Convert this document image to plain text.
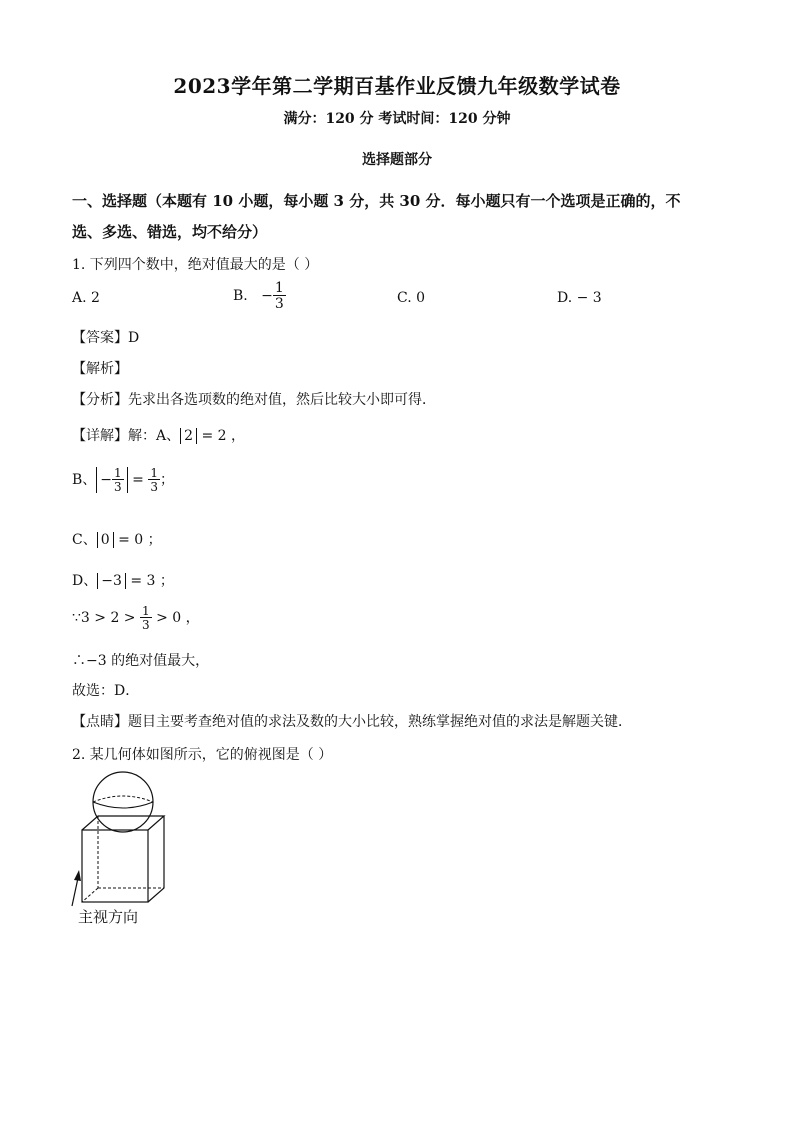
2023学年第二学期百基作业反馈九年级数学试卷
满分：120 分 考试时间：120 分钟
选择题部分
一、选择题（本题有 10 小题，每小题 3 分，共 30 分．每小题只有一个选项是正确的，不
选、多选、错选，均不给分）
1. 下列四个数中，绝对值最大的是（ ）
A. 2	B. − $\frac{1}{3}$	C. 0	D. − 3
【答案】D
【解析】
【分析】先求出各选项数的绝对值，然后比较大小即可得．
【详解】解：A、 2 = 2 ，
B、 − $\frac{1}{3} = \frac{1}{3}$ ；
C、 0 = 0 ；
D、 −3 = 3 ；
∵3 > $2 > \frac{1}{3} > 0$ ，
∴−3 的绝对值最大，
故选：D．
【点睛】题目主要考查绝对值的求法及数的大小比较，熟练掌握绝对值的求法是解题关键．
2. 某几何体如图所示，它的俯视图是（ ）
主视方向
